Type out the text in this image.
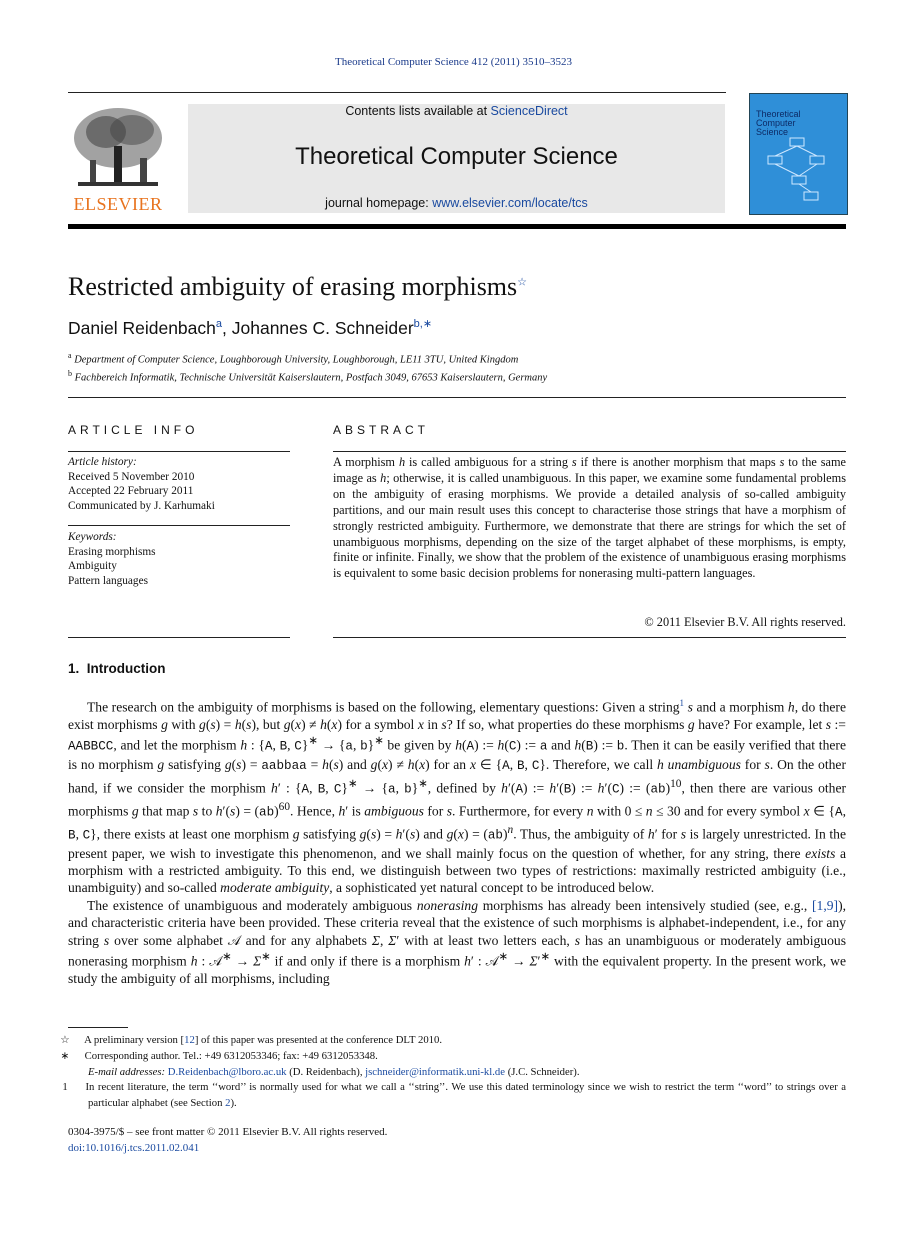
Theoretical Computer Science 412 (2011) 3510–3523
ELSEVIER
Contents lists available at ScienceDirect
Theoretical Computer Science
journal homepage: www.elsevier.com/locate/tcs
Theoretical Computer Science
Restricted ambiguity of erasing morphisms☆
Daniel Reidenbach$^a$, Johannes C. Schneider$^{b,∗}$
$^a$ Department of Computer Science, Loughborough University, Loughborough, LE11 3TU, United Kingdom
$^b$ Fachbereich Informatik, Technische Universität Kaiserslautern, Postfach 3049, 67653 Kaiserslautern, Germany
ARTICLE INFO
Article history:
Received 5 November 2010
Accepted 22 February 2011
Communicated by J. Karhumaki
Keywords:
Erasing morphisms
Ambiguity
Pattern languages
ABSTRACT
A morphism h is called ambiguous for a string s if there is another morphism that maps s to the same image as h; otherwise, it is called unambiguous. In this paper, we examine some fundamental problems on the ambiguity of erasing morphisms. We provide a detailed analysis of so-called ambiguity partitions, and our main result uses this concept to characterise those strings that have a morphism of strongly restricted ambiguity. Furthermore, we demonstrate that there are strings for which the set of unambiguous morphisms, depending on the size of the target alphabet of these morphisms, is empty, finite or infinite. Finally, we show that the problem of the existence of unambiguous erasing morphisms is equivalent to some basic decision problems for nonerasing multi-pattern languages.
© 2011 Elsevier B.V. All rights reserved.
1. Introduction

The research on the ambiguity of morphisms is based on the following, elementary questions: Given a string$^1$ s and a morphism h, do there exist morphisms g with g(s) = h(s), but g(x) ≠ h(x) for a symbol x in s? If so, what properties do these morphisms g have? For example, let s := AABBCC, and let the morphism h : {A, B, C}∗ → {a, b}∗ be given by h(A) := h(C) := a and h(B) := b. Then it can be easily verified that there is no morphism g satisfying g(s) = aabbaa = h(s) and g(x) ≠ h(x) for an x ∈ {A, B, C}. Therefore, we call h unambiguous for s. On the other hand, if we consider the morphism h′ : {A, B, C}∗ → {a, b}∗, defined by h′(A) := h′(B) := h′(C) := (ab)$^{10}$, then there are various other morphisms g that map s to h′(s) = (ab)$^{60}$. Hence, h′ is ambiguous for s. Furthermore, for every n with 0 ≤ n ≤ 30 and for every symbol x ∈ {A, B, C}, there exists at least one morphism g satisfying g(s) = h′(s) and g(x) = (ab)$^n$. Thus, the ambiguity of h′ for s is largely unrestricted. In the present paper, we wish to investigate this phenomenon, and we shall mainly focus on the question of whether, for any string, there exists a morphism with a restricted ambiguity. To this end, we distinguish between two types of restrictions: maximally restricted ambiguity (i.e., unambiguity) and so-called moderate ambiguity, a sophisticated yet natural concept to be introduced below.

The existence of unambiguous and moderately ambiguous nonerasing morphisms has already been intensively studied (see, e.g., [1,9]), and characteristic criteria have been provided. These criteria reveal that the existence of such morphisms is alphabet-independent, i.e., for any string s over some alphabet 𝒜 and for any alphabets Σ, Σ′ with at least two letters each, s has an unambiguous or moderately ambiguous nonerasing morphism h : 𝒜∗ → Σ∗ if and only if there is a morphism h′ : 𝒜∗ → Σ′∗ with the equivalent property. In the present work, we study the ambiguity of all morphisms, including

☆ A preliminary version [12] of this paper was presented at the conference DLT 2010.
∗ Corresponding author. Tel.: +49 6312053346; fax: +49 6312053348.
E-mail addresses: D.Reidenbach@lboro.ac.uk (D. Reidenbach), jschneider@informatik.uni-kl.de (J.C. Schneider).
1 In recent literature, the term ‘‘word’’ is normally used for what we call a ‘‘string’’. We use this dated terminology since we wish to restrict the term ‘‘word’’ to strings over a particular alphabet (see Section 2).
0304-3975/$ – see front matter © 2011 Elsevier B.V. All rights reserved.
doi:10.1016/j.tcs.2011.02.041
